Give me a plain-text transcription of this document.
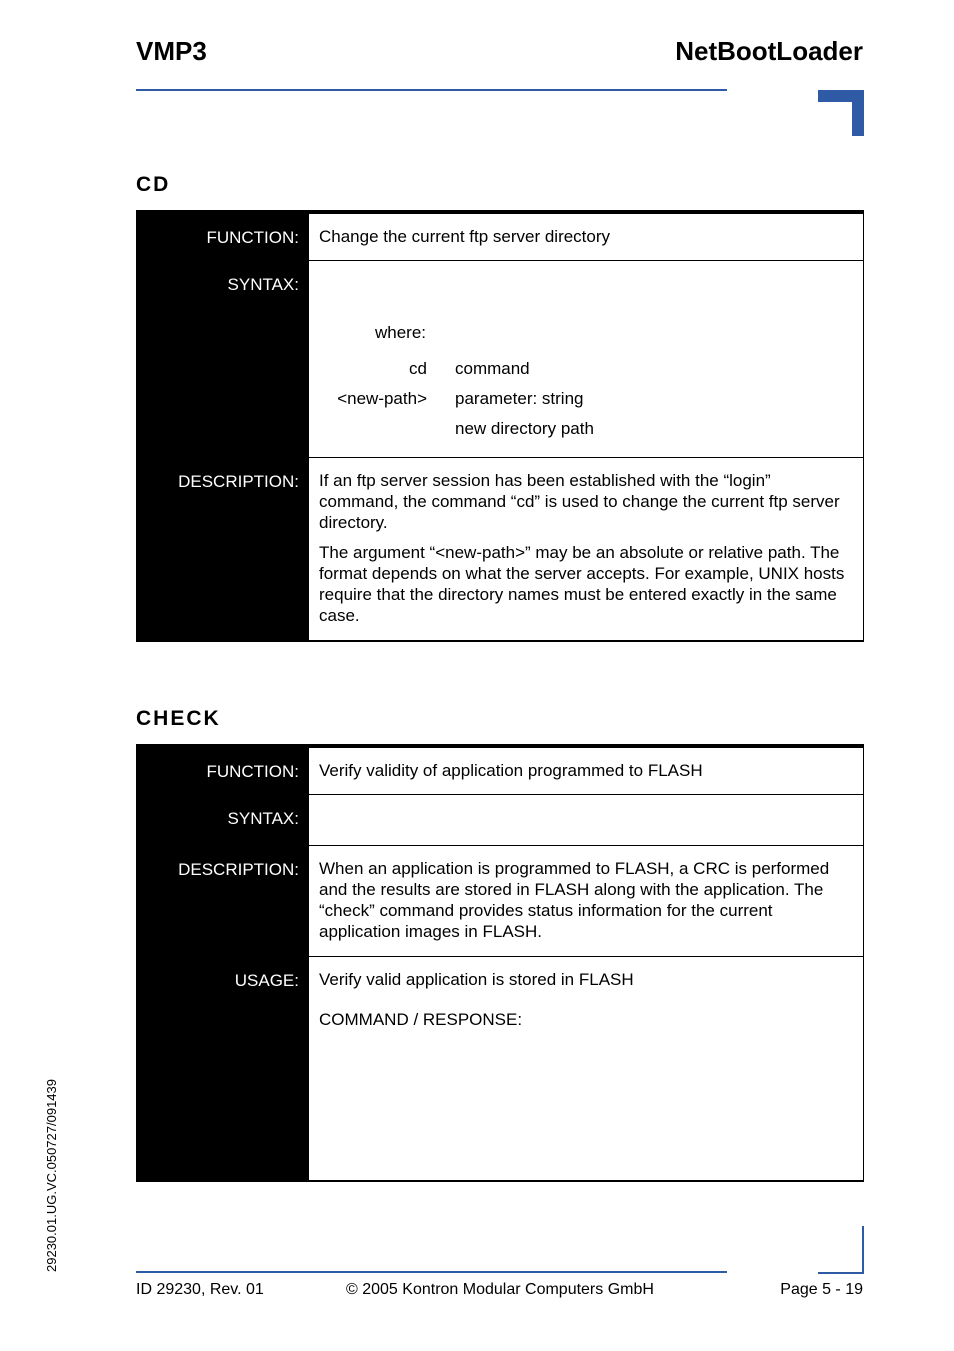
VMP3	NetBootLoader
CD
FUNCTION:	Change the current ftp server directory
SYNTAX:
where:
cd command
<new-path> parameter: string
new directory path
DESCRIPTION:	If an ftp server session has been established with the “login” command, the command “cd” is used to change the current ftp server directory.

The argument “<new-path>” may be an absolute or relative path. The format depends on what the server accepts. For example, UNIX hosts require that the directory names must be entered exactly in the same case.

CHECK
FUNCTION:	Verify validity of application programmed to FLASH
SYNTAX:
DESCRIPTION:	When an application is programmed to FLASH, a CRC is performed and the results are stored in FLASH along with the application. The “check” command provides status information for the current application images in FLASH.

USAGE:	Verify valid application is stored in FLASH

COMMAND / RESPONSE:

ID 29230, Rev. 01	© 2005 Kontron Modular Computers GmbH	Page 5 - 19
29230.01.UG.VC.050727/091439
